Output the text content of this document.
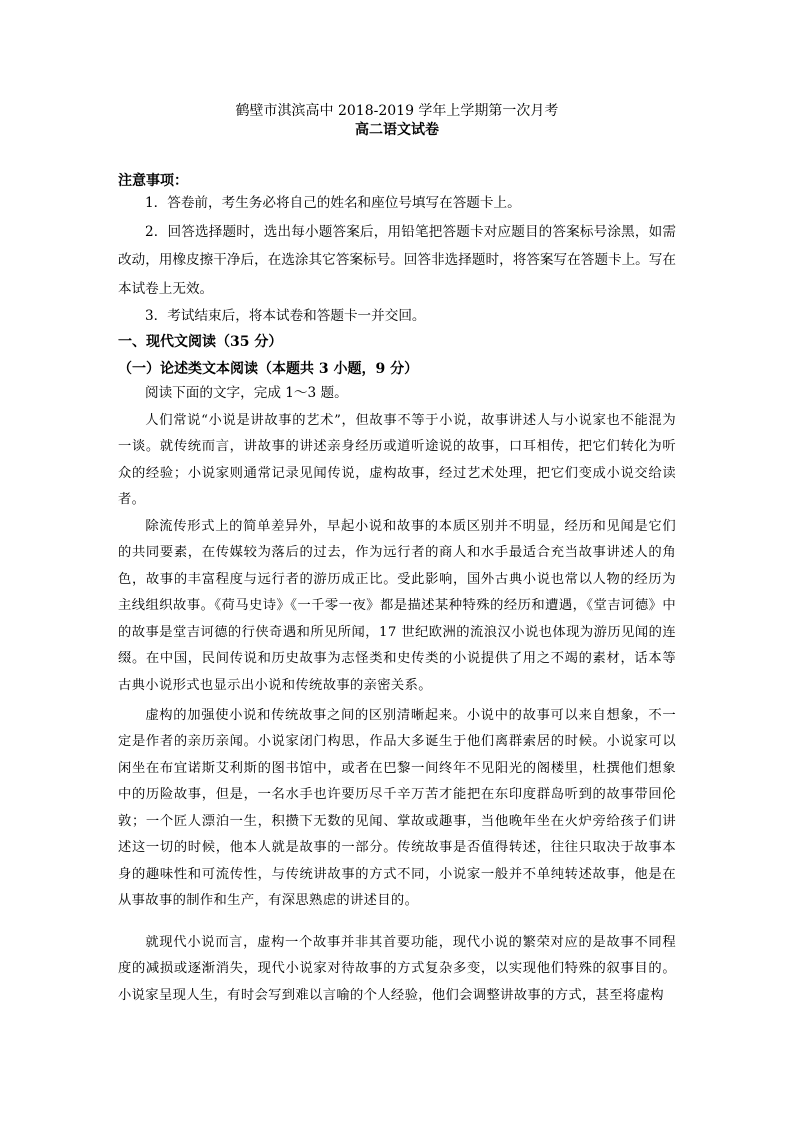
鹤壁市淇滨高中 2018-2019 学年上学期第一次月考
高二语文试卷
注意事项：
1．答卷前，考生务必将自己的姓名和座位号填写在答题卡上。
2．回答选择题时，选出每小题答案后，用铅笔把答题卡对应题目的答案标号涂黑，如需改动，用橡皮擦干净后，在选涂其它答案标号。回答非选择题时，将答案写在答题卡上。写在本试卷上无效。
3．考试结束后，将本试卷和答题卡一并交回。
一、现代文阅读（35 分）
（一）论述类文本阅读（本题共 3 小题，9 分）
阅读下面的文字，完成 1～3 题。
人们常说“小说是讲故事的艺术”，但故事不等于小说，故事讲述人与小说家也不能混为一谈。就传统而言，讲故事的讲述亲身经历或道听途说的故事，口耳相传，把它们转化为听众的经验；小说家则通常记录见闻传说，虚构故事，经过艺术处理，把它们变成小说交给读者。
除流传形式上的简单差异外，早起小说和故事的本质区别并不明显，经历和见闻是它们的共同要素，在传媒较为落后的过去，作为远行者的商人和水手最适合充当故事讲述人的角色，故事的丰富程度与远行者的游历成正比。受此影响，国外古典小说也常以人物的经历为主线组织故事。《荷马史诗》《一千零一夜》都是描述某种特殊的经历和遭遇，《堂吉诃德》中的故事是堂吉诃德的行侠奇遇和所见所闻，17 世纪欧洲的流浪汉小说也体现为游历见闻的连缀。在中国，民间传说和历史故事为志怪类和史传类的小说提供了用之不竭的素材，话本等古典小说形式也显示出小说和传统故事的亲密关系。
虚构的加强使小说和传统故事之间的区别清晰起来。小说中的故事可以来自想象，不一定是作者的亲历亲闻。小说家闭门构思，作品大多诞生于他们离群索居的时候。小说家可以闲坐在布宜诺斯艾利斯的图书馆中，或者在巴黎一间终年不见阳光的阁楼里，杜撰他们想象中的历险故事，但是，一名水手也许要历尽千辛万苦才能把在东印度群岛听到的故事带回伦敦；一个匠人漂泊一生，积攒下无数的见闻、掌故或趣事，当他晚年坐在火炉旁给孩子们讲述这一切的时候，他本人就是故事的一部分。传统故事是否值得转述，往往只取决于故事本身的趣味性和可流传性，与传统讲故事的方式不同，小说家一般并不单纯转述故事，他是在从事故事的制作和生产，有深思熟虑的讲述目的。
就现代小说而言，虚构一个故事并非其首要功能，现代小说的繁荣对应的是故事不同程度的减损或逐渐消失，现代小说家对待故事的方式复杂多变，以实现他们特殊的叙事目的。小说家呈现人生，有时会写到难以言喻的个人经验，他们会调整讲故事的方式，甚至将虚构
